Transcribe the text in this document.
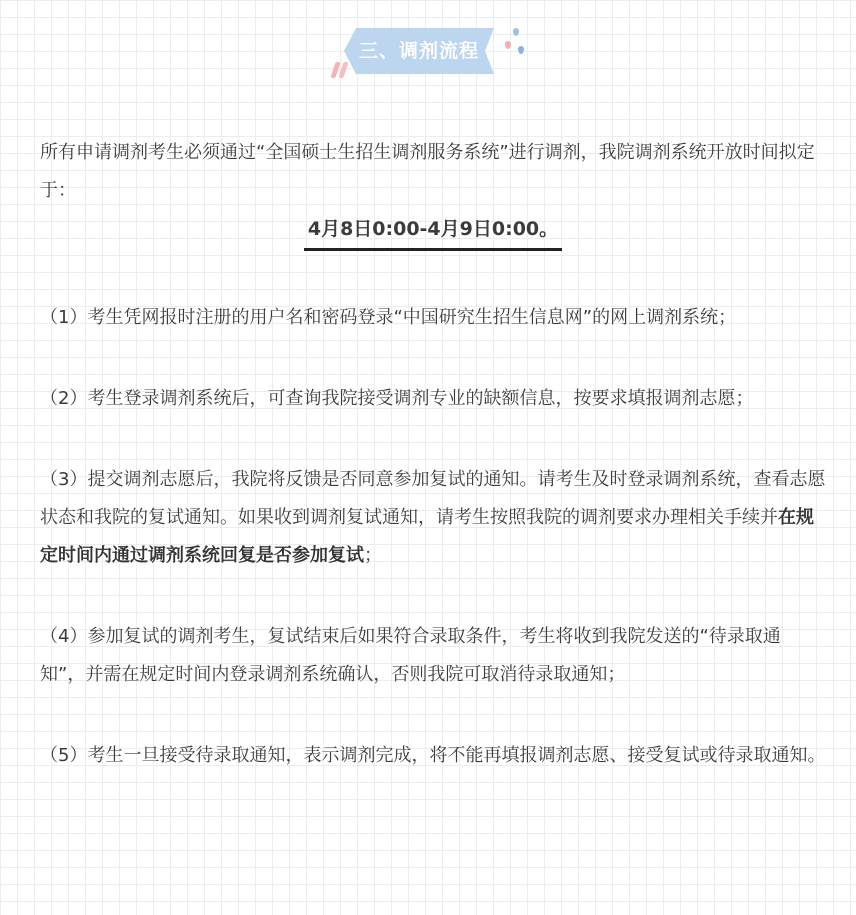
三、调剂流程

所有申请调剂考生必须通过“全国硕士生招生调剂服务系统”进行调剂，我院调剂系统开放时间拟定于：

4月8日0:00-4月9日0:00。

（1）考生凭网报时注册的用户名和密码登录“中国研究生招生信息网”的网上调剂系统；

（2）考生登录调剂系统后，可查询我院接受调剂专业的缺额信息，按要求填报调剂志愿；

（3）提交调剂志愿后，我院将反馈是否同意参加复试的通知。请考生及时登录调剂系统，查看志愿状态和我院的复试通知。如果收到调剂复试通知，请考生按照我院的调剂要求办理相关手续并在规定时间内通过调剂系统回复是否参加复试；

（4）参加复试的调剂考生，复试结束后如果符合录取条件，考生将收到我院发送的“待录取通知”，并需在规定时间内登录调剂系统确认，否则我院可取消待录取通知；

（5）考生一旦接受待录取通知，表示调剂完成，将不能再填报调剂志愿、接受复试或待录取通知。
